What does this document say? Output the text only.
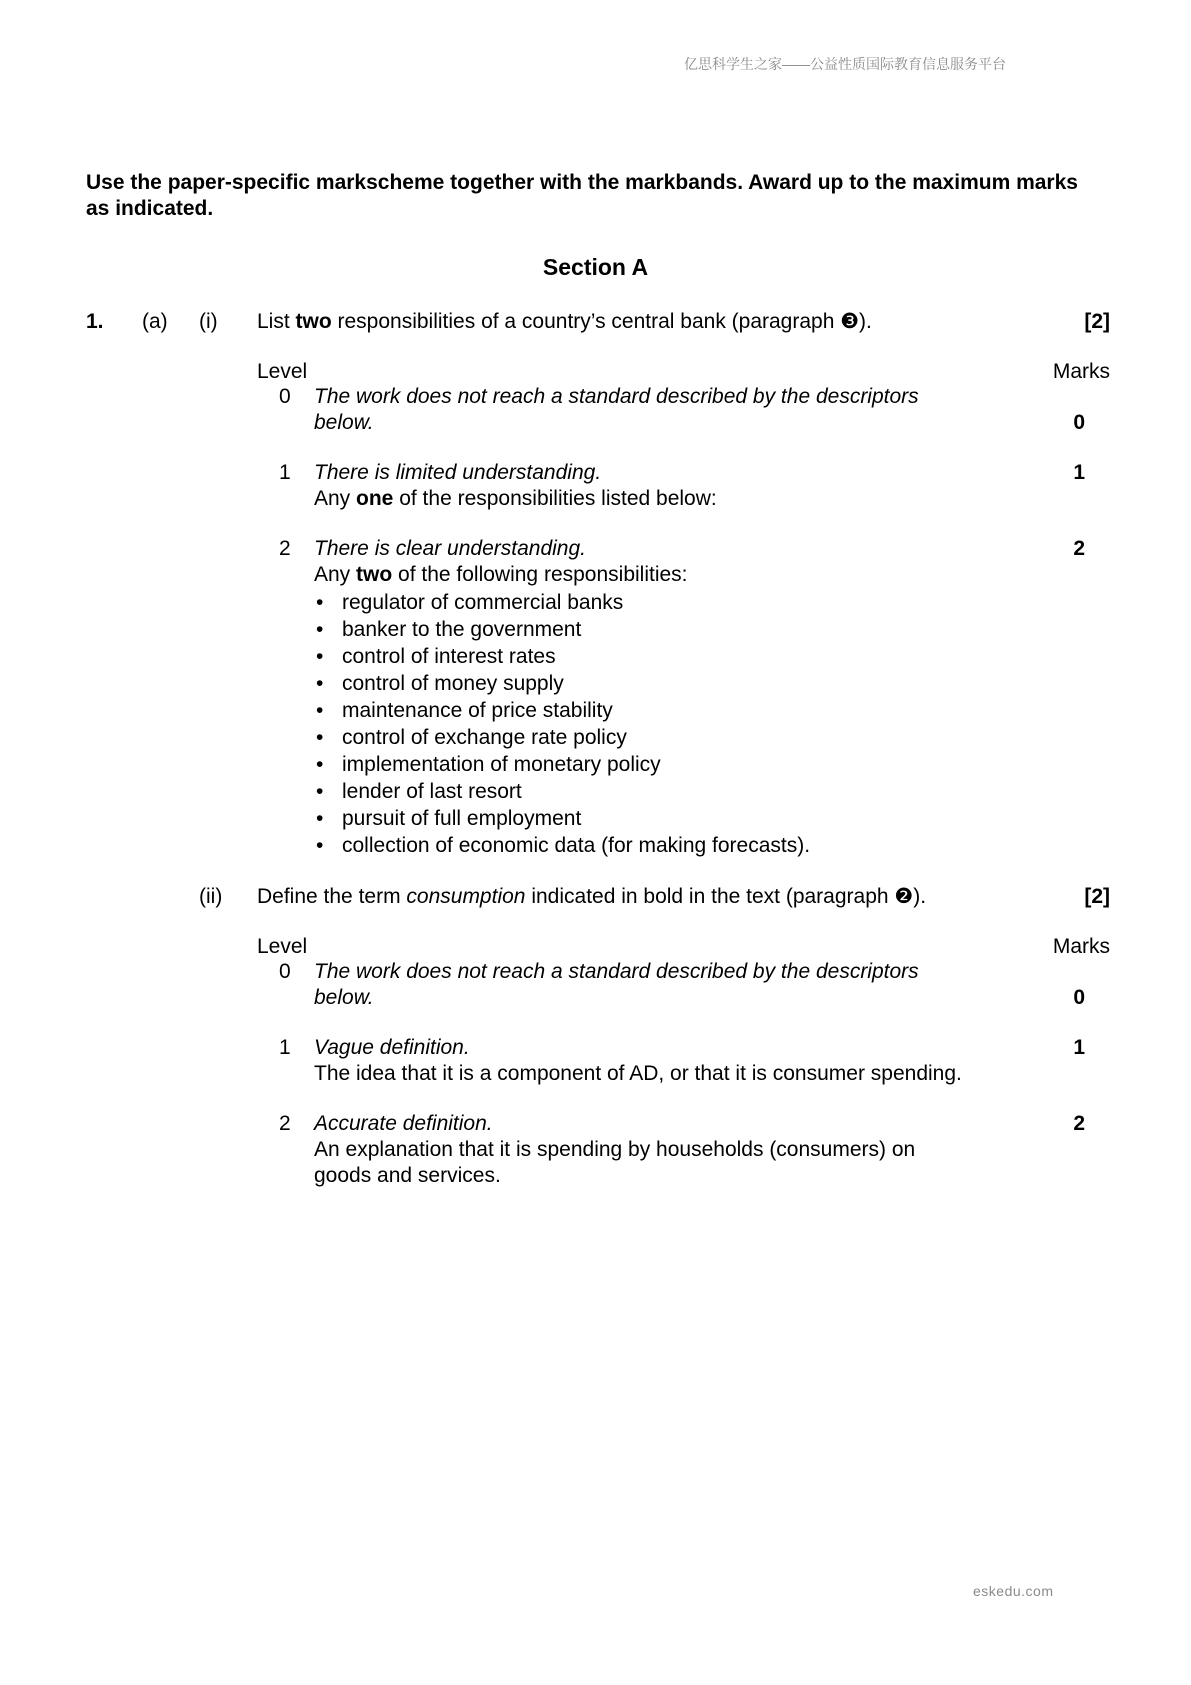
亿思科学生之家——公益性质国际教育信息服务平台
Use the paper-specific markscheme together with the markbands. Award up to the maximum marks as indicated.
Section A
1. (a) (i) List two responsibilities of a country’s central bank (paragraph ❸).	[2]
Level	Marks
0 The work does not reach a standard described by the descriptors below.	0
1 There is limited understanding.	1
Any one of the responsibilities listed below:
2 There is clear understanding.	2
Any two of the following responsibilities:
• regulator of commercial banks
• banker to the government
• control of interest rates
• control of money supply
• maintenance of price stability
• control of exchange rate policy
• implementation of monetary policy
• lender of last resort
• pursuit of full employment
• collection of economic data (for making forecasts).
(ii) Define the term consumption indicated in bold in the text (paragraph ❷).	[2]
Level	Marks
0 The work does not reach a standard described by the descriptors below.	0
1 Vague definition.	1
The idea that it is a component of AD, or that it is consumer spending.
2 Accurate definition.	2
An explanation that it is spending by households (consumers) on goods and services.
eskedu.com
